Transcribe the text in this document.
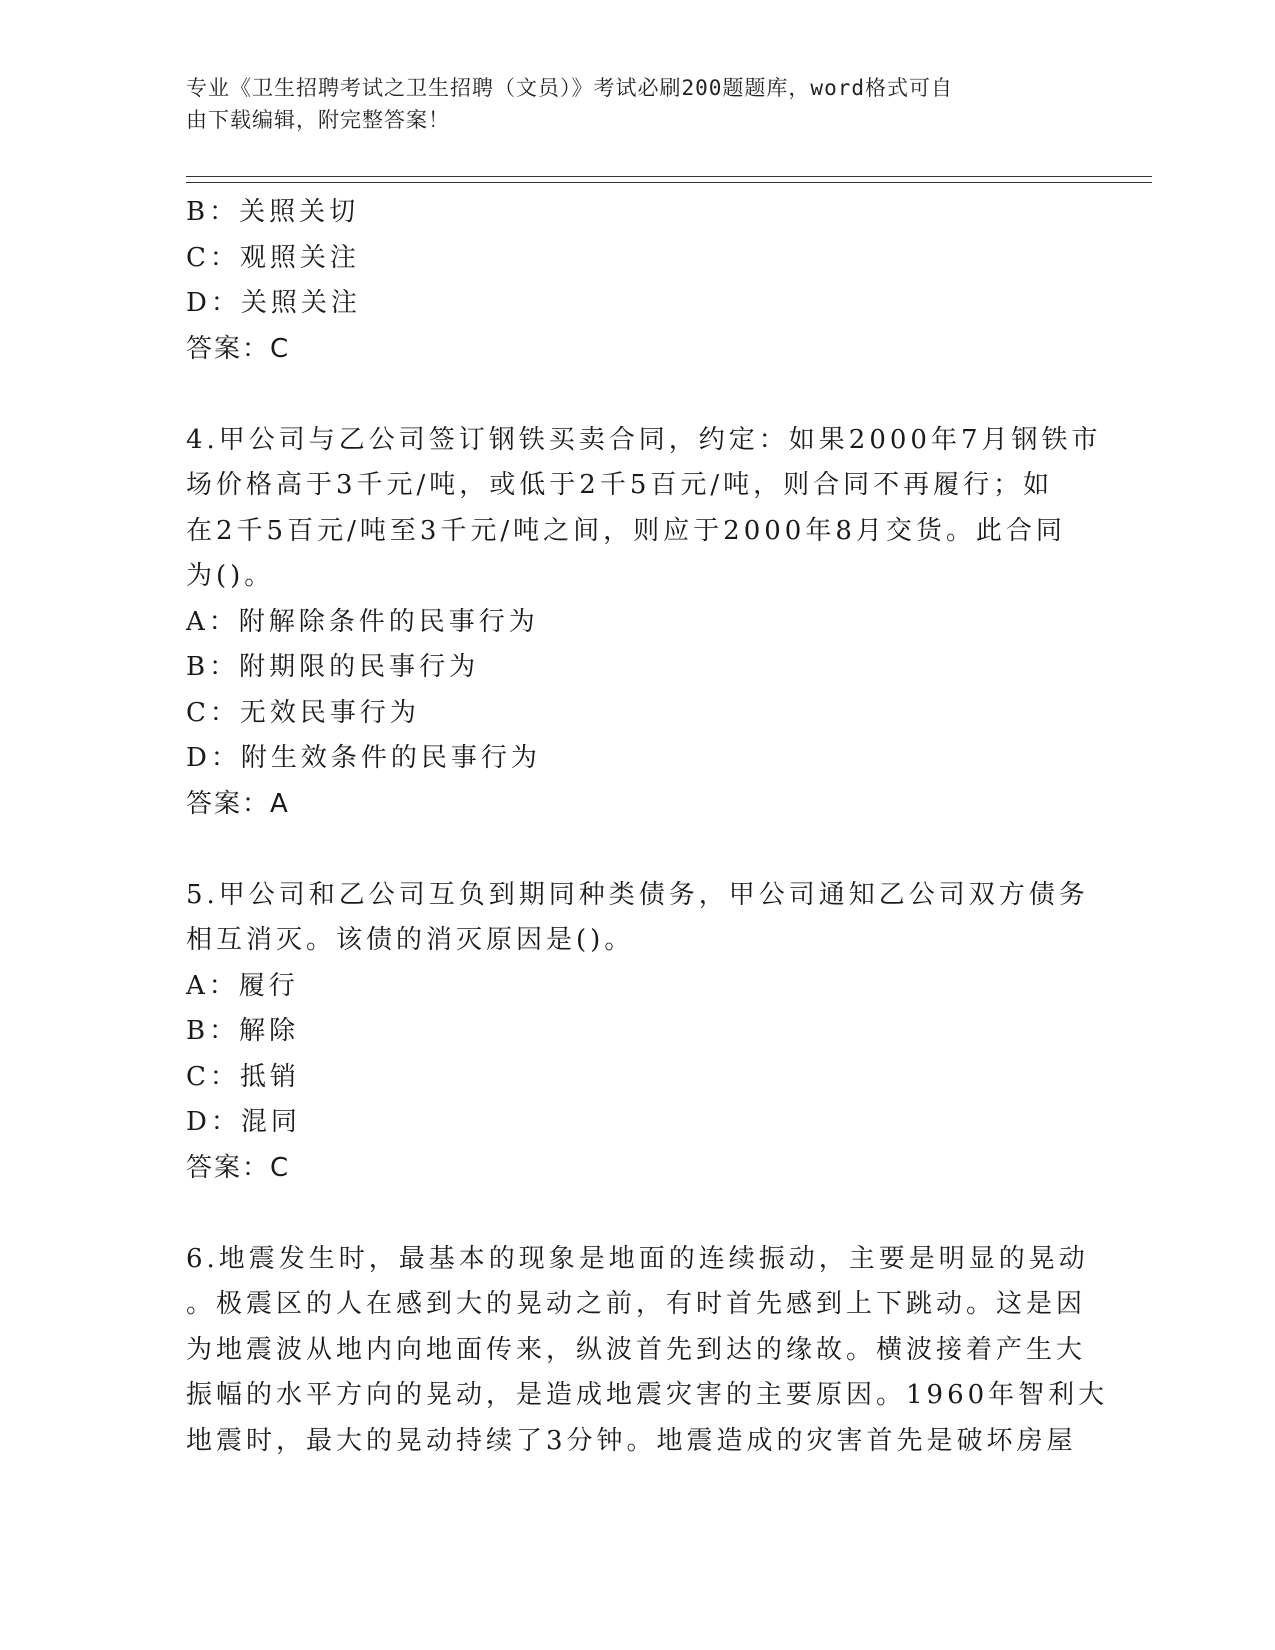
专业《卫生招聘考试之卫生招聘（文员）》考试必刷200题题库，word格式可自
由下载编辑，附完整答案！

B：关照关切

C：观照关注

D：关照关注

答案：C

4.甲公司与乙公司签订钢铁买卖合同，约定：如果2000年7月钢铁市

场价格高于3千元/吨，或低于2千5百元/吨，则合同不再履行；如

在2千5百元/吨至3千元/吨之间，则应于2000年8月交货。此合同

为()。

A：附解除条件的民事行为

B：附期限的民事行为

C：无效民事行为

D：附生效条件的民事行为

答案：A

5.甲公司和乙公司互负到期同种类债务，甲公司通知乙公司双方债务

相互消灭。该债的消灭原因是()。

A：履行

B：解除

C：抵销

D：混同

答案：C

6.地震发生时，最基本的现象是地面的连续振动，主要是明显的晃动

。极震区的人在感到大的晃动之前，有时首先感到上下跳动。这是因

为地震波从地内向地面传来，纵波首先到达的缘故。横波接着产生大

振幅的水平方向的晃动，是造成地震灾害的主要原因。1960年智利大

地震时，最大的晃动持续了3分钟。地震造成的灾害首先是破坏房屋
